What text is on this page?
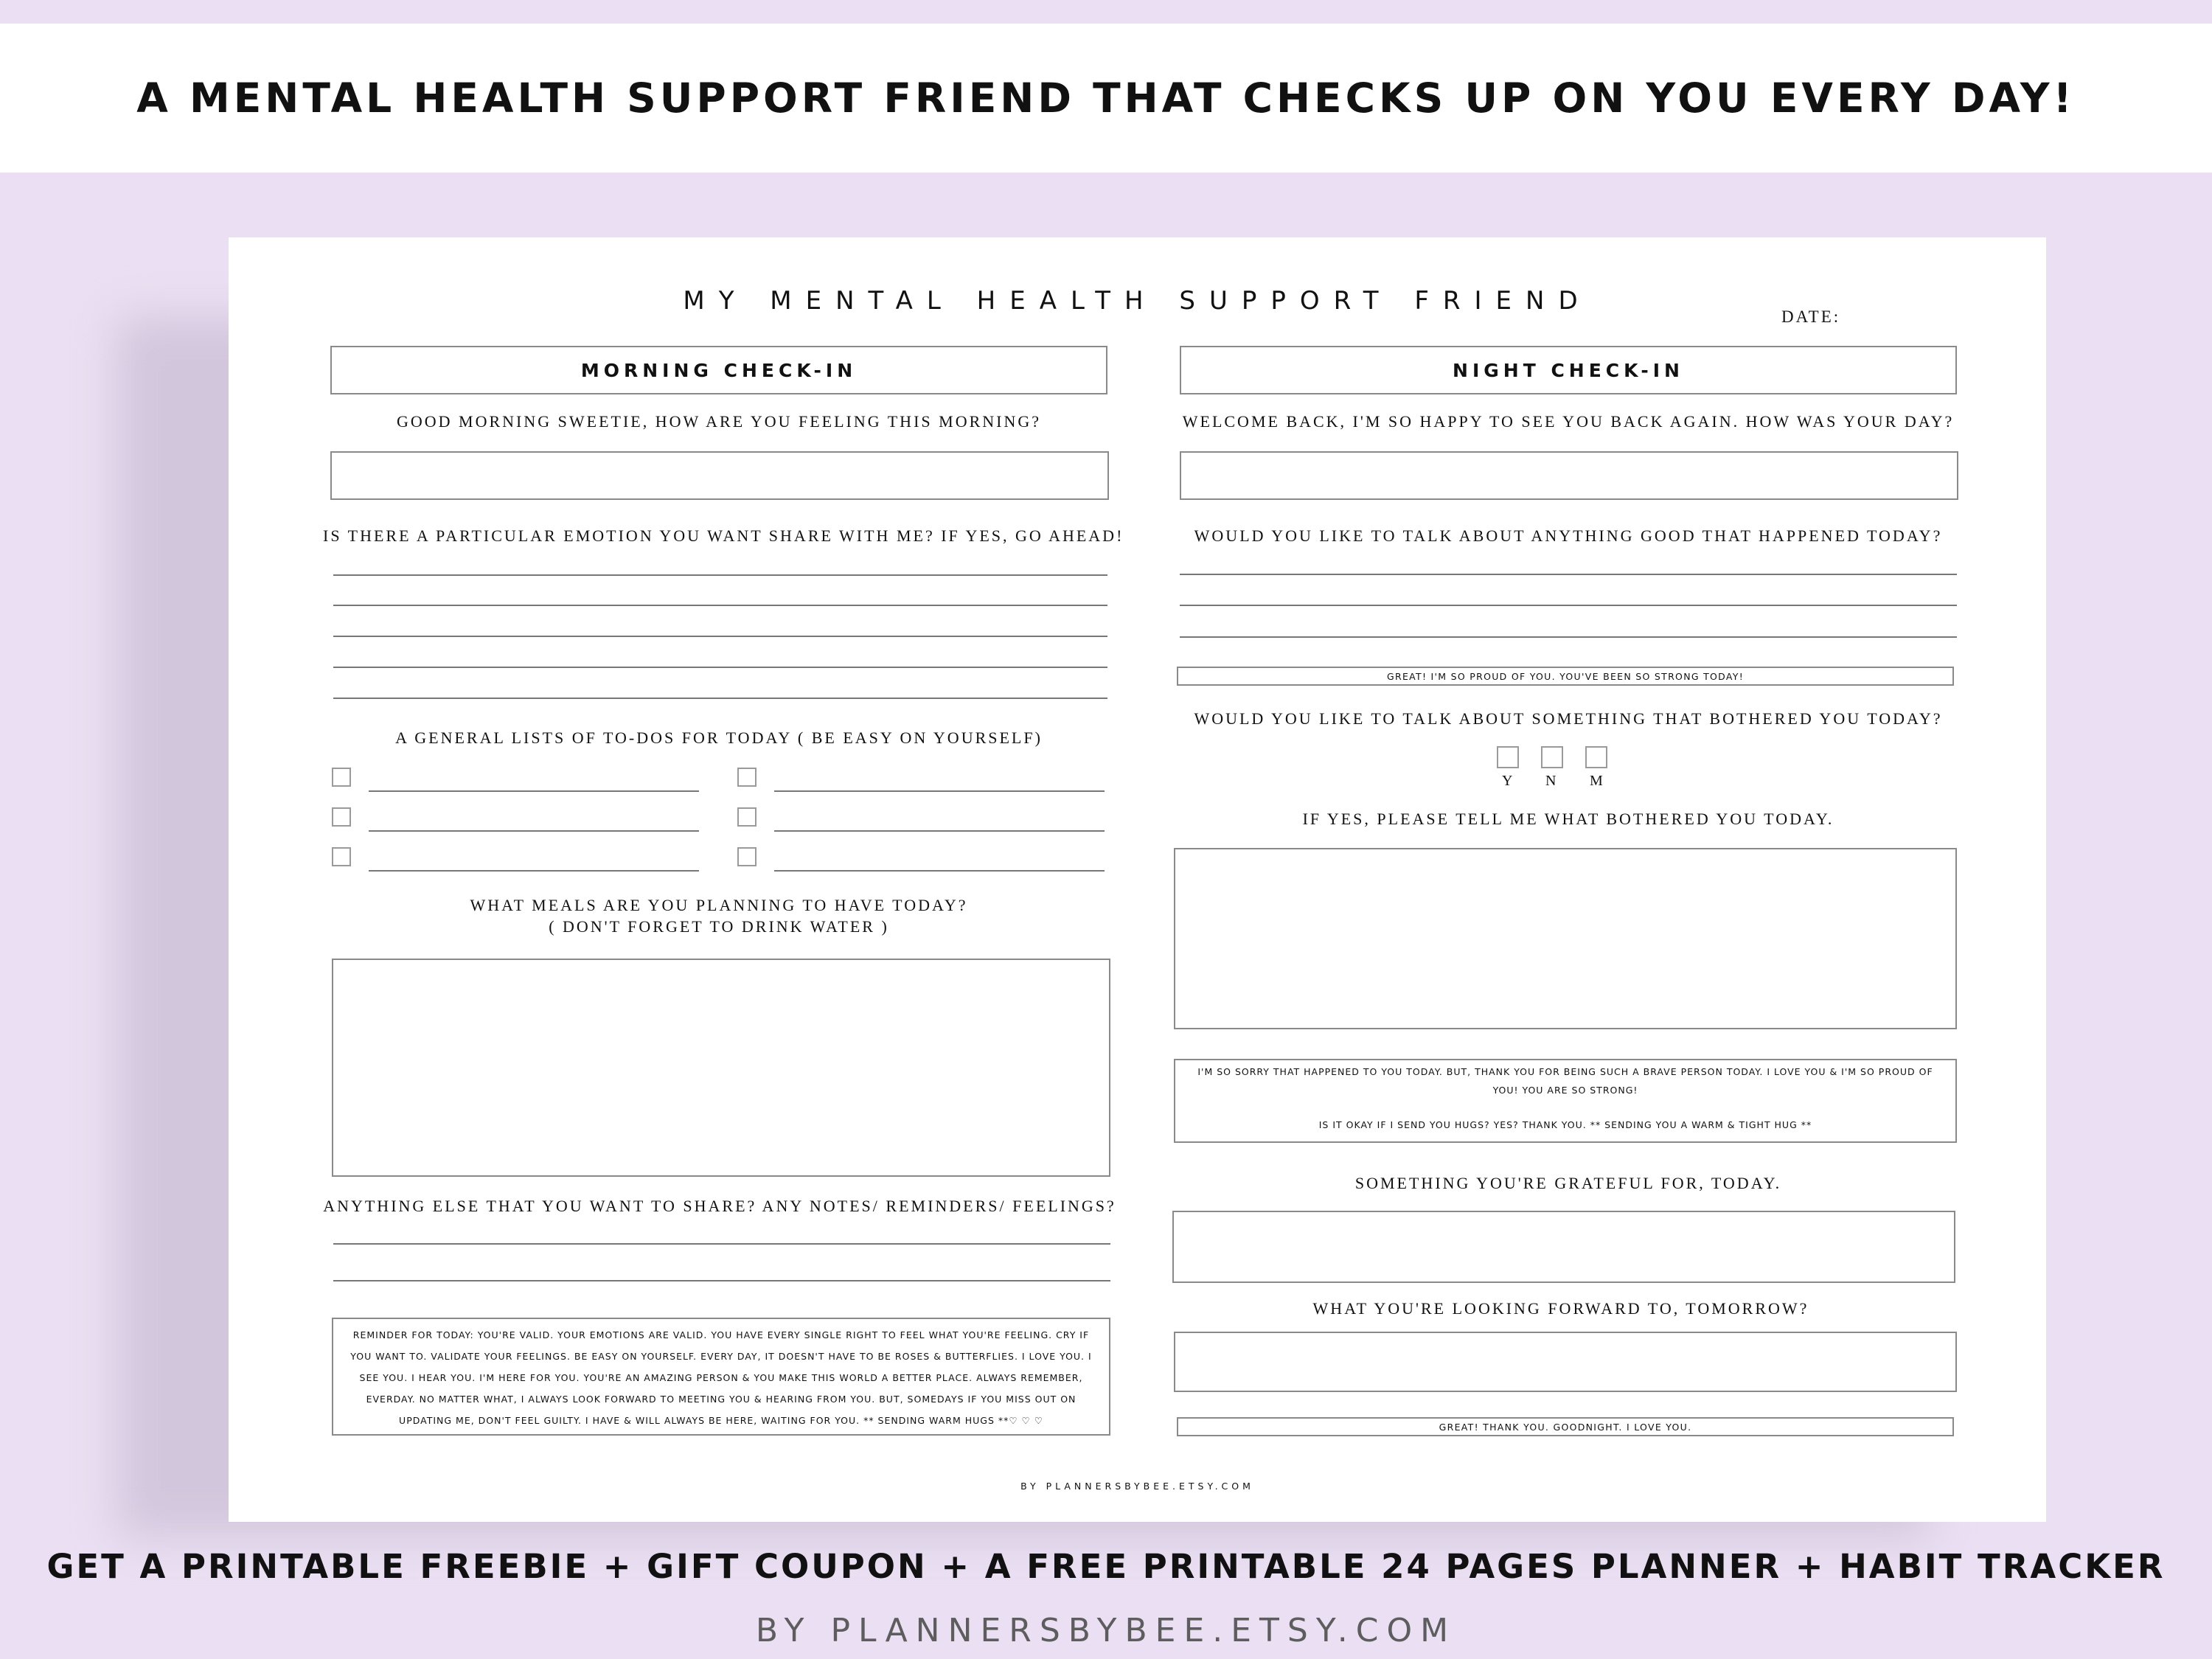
A MENTAL HEALTH SUPPORT FRIEND THAT CHECKS UP ON YOU EVERY DAY!
MY MENTAL HEALTH SUPPORT FRIEND
DATE:
MORNING CHECK-IN
GOOD MORNING SWEETIE, HOW ARE YOU FEELING THIS MORNING?
IS THERE A PARTICULAR EMOTION YOU WANT SHARE WITH ME? IF YES, GO AHEAD!
A GENERAL LISTS OF TO-DOS FOR TODAY ( BE EASY ON YOURSELF)
WHAT MEALS ARE YOU PLANNING TO HAVE TODAY?
( DON'T FORGET TO DRINK WATER )
ANYTHING ELSE THAT YOU WANT TO SHARE? ANY NOTES/ REMINDERS/ FEELINGS?
REMINDER FOR TODAY: YOU'RE VALID. YOUR EMOTIONS ARE VALID. YOU HAVE EVERY SINGLE RIGHT TO FEEL WHAT YOU'RE FEELING. CRY IF
YOU WANT TO. VALIDATE YOUR FEELINGS. BE EASY ON YOURSELF. EVERY DAY, IT DOESN'T HAVE TO BE ROSES & BUTTERFLIES. I LOVE YOU. I
SEE YOU. I HEAR YOU. I'M HERE FOR YOU. YOU'RE AN AMAZING PERSON & YOU MAKE THIS WORLD A BETTER PLACE. ALWAYS REMEMBER,
EVERDAY. NO MATTER WHAT, I ALWAYS LOOK FORWARD TO MEETING YOU & HEARING FROM YOU. BUT, SOMEDAYS IF YOU MISS OUT ON
UPDATING ME, DON'T FEEL GUILTY. I HAVE & WILL ALWAYS BE HERE, WAITING FOR YOU. ** SENDING WARM HUGS **♡ ♡ ♡
NIGHT CHECK-IN
WELCOME BACK, I'M SO HAPPY TO SEE YOU BACK AGAIN. HOW WAS YOUR DAY?
WOULD YOU LIKE TO TALK ABOUT ANYTHING GOOD THAT HAPPENED TODAY?
GREAT! I'M SO PROUD OF YOU. YOU'VE BEEN SO STRONG TODAY!
WOULD YOU LIKE TO TALK ABOUT SOMETHING THAT BOTHERED YOU TODAY?
Y N M
IF YES, PLEASE TELL ME WHAT BOTHERED YOU TODAY.
I'M SO SORRY THAT HAPPENED TO YOU TODAY. BUT, THANK YOU FOR BEING SUCH A BRAVE PERSON TODAY. I LOVE YOU & I'M SO PROUD OF
YOU! YOU ARE SO STRONG!
IS IT OKAY IF I SEND YOU HUGS? YES? THANK YOU. ** SENDING YOU A WARM & TIGHT HUG **
SOMETHING YOU'RE GRATEFUL FOR, TODAY.
WHAT YOU'RE LOOKING FORWARD TO, TOMORROW?
GREAT! THANK YOU. GOODNIGHT. I LOVE YOU.
BY PLANNERSBYBEE.ETSY.COM
GET A PRINTABLE FREEBIE + GIFT COUPON + A FREE PRINTABLE 24 PAGES PLANNER + HABIT TRACKER
BY PLANNERSBYBEE.ETSY.COM
